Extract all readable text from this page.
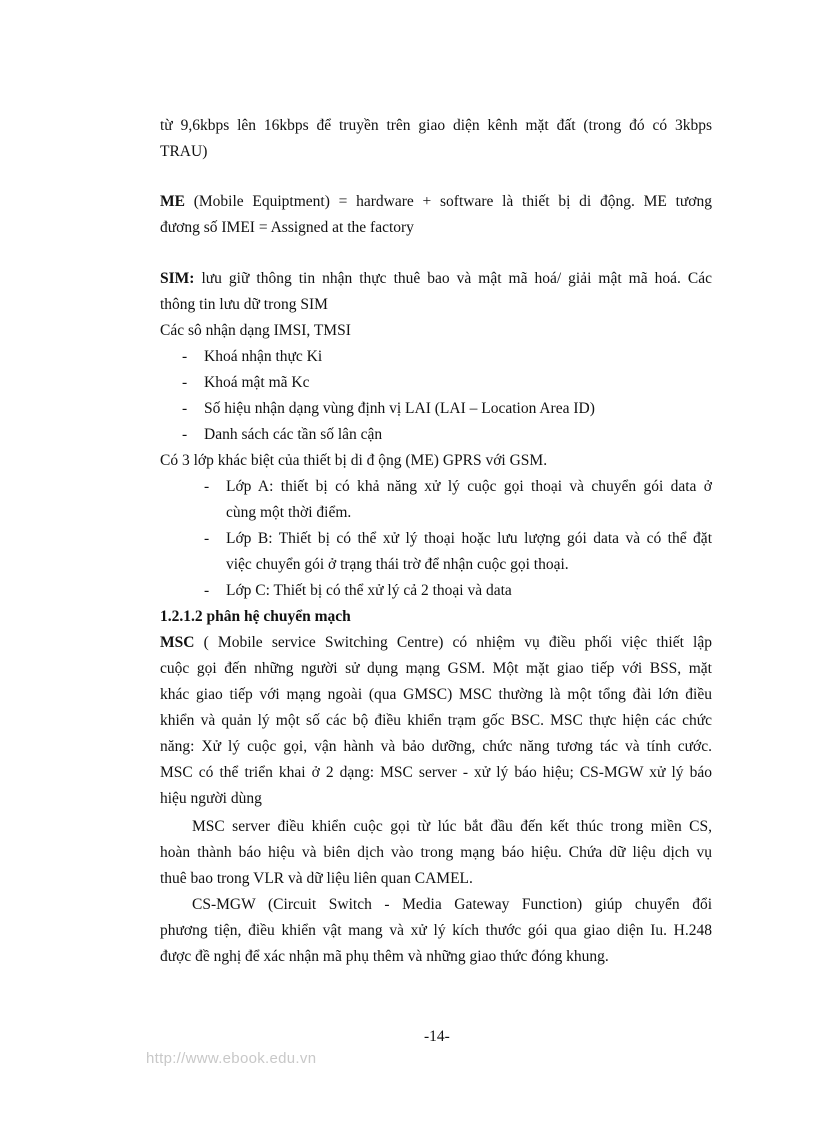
từ 9,6kbps lên 16kbps để truyền trên giao diện kênh mặt đất (trong đó có 3kbps

TRAU)

ME (Mobile Equiptment) = hardware + software là thiết bị di động. ME tương

đương số IMEI = Assigned at the factory

SIM: lưu giữ thông tin nhận thực thuê bao và mật mã hoá/ giải mật mã hoá. Các

thông tin lưu dữ trong SIM

Các sô nhận dạng IMSI, TMSI

-	Khoá nhận thực Ki
-	Khoá mật mã Kc
-	Số hiệu nhận dạng vùng định vị LAI (LAI – Location Area ID)
-	Danh sách các tần số lân cận

Có 3 lớp khác biệt của thiết bị di đ ộng (ME) GPRS với GSM.

-	Lớp A: thiết bị có khả năng xử lý cuộc gọi thoại và chuyển gói data ở
cùng một thời điểm.
-	Lớp B: Thiết bị có thể xử lý thoại hoặc lưu lượng gói data và có thể đặt
việc chuyển gói ở trạng thái trờ để nhận cuộc gọi thoại.
-	Lớp C: Thiết bị có thể xử lý cả 2 thoại và data

1.2.1.2 phân hệ chuyển mạch

MSC ( Mobile service Switching Centre) có nhiệm vụ điều phối việc thiết lập

cuộc gọi đến những người sử dụng mạng GSM. Một mặt giao tiếp với BSS, mặt

khác giao tiếp với mạng ngoài (qua GMSC) MSC thường là một tổng đài lớn điều

khiển và quản lý một số các bộ điều khiển trạm gốc BSC. MSC thực hiện các chức

năng: Xử lý cuộc gọi, vận hành và bảo dưỡng, chức năng tương tác và tính cước.

MSC có thể triển khai ở 2 dạng: MSC server - xử lý báo hiệu; CS-MGW xử lý báo

hiệu người dùng

MSC server điều khiển cuộc gọi từ lúc bắt đầu đến kết thúc trong miền CS,

hoàn thành báo hiệu và biên dịch vào trong mạng báo hiệu. Chứa dữ liệu dịch vụ

thuê bao trong VLR và dữ liệu liên quan CAMEL.

CS-MGW (Circuit Switch - Media Gateway Function) giúp chuyển đổi

phương tiện, điều khiển vật mang và xử lý kích thước gói qua giao diện Iu. H.248

được đề nghị để xác nhận mã phụ thêm và những giao thức đóng khung.

-14-
http://www.ebook.edu.vn
